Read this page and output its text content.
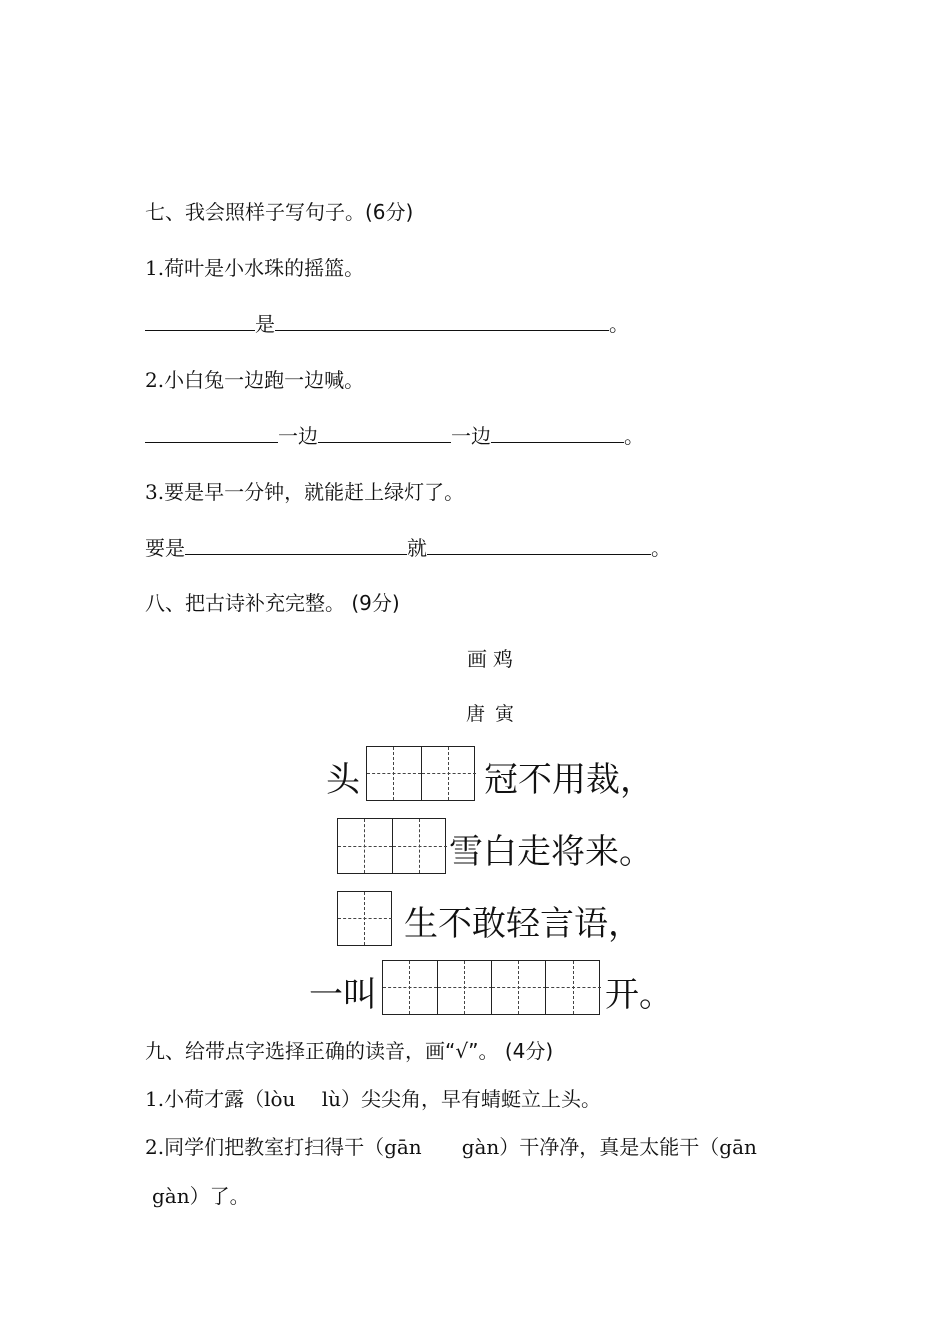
七、我会照样子写句子。(6分)
1.荷叶是小水珠的摇篮。
是	。
2.小白兔一边跑一边喊。
一边	一边	。
3.要是早一分钟，就能赶上绿灯了。
要是	就	。
八、把古诗补充完整。 (9分)
画鸡
唐寅
头	冠不用裁，
雪白走将来。
生不敢轻言语，
一叫	开。
九、给带点字选择正确的读音，画“√”。 (4分)
1.小荷才露（lòu　 lù）尖尖角，早有蜻蜓立上头。
2.同学们把教室打扫得干（gān　　gàn）干净净，真是太能干（gān
gàn）了。
